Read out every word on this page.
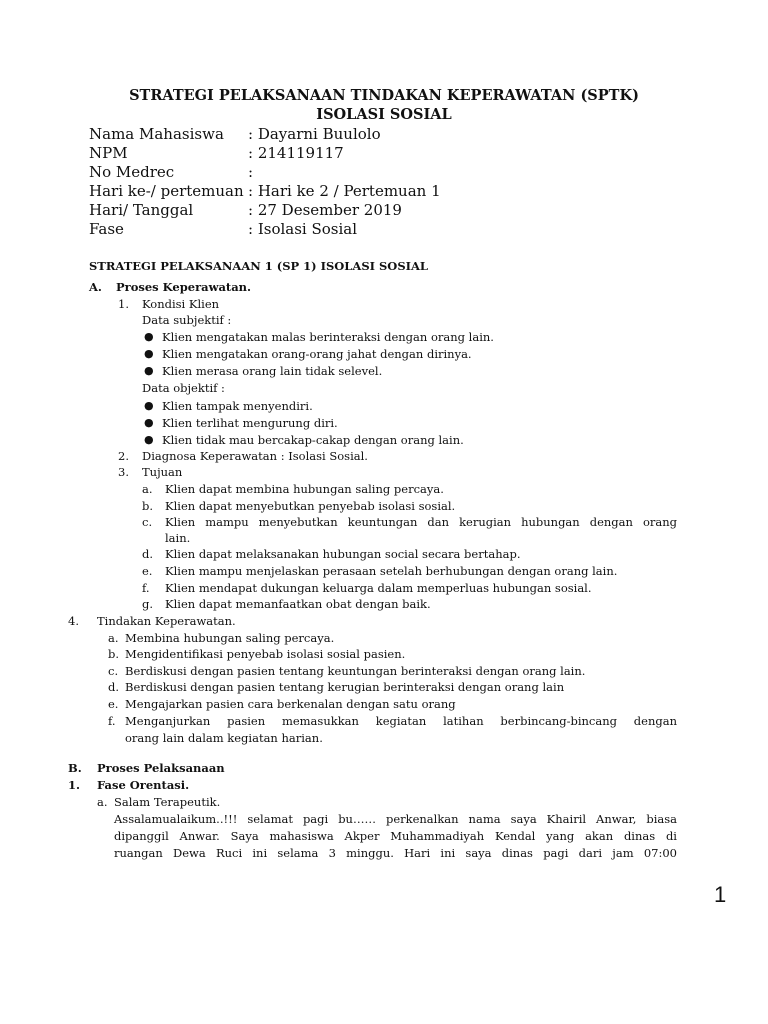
STRATEGI PELAKSANAAN TINDAKAN KEPERAWATAN (SPTK)
ISOLASI SOSIAL
Nama Mahasiswa : Dayarni Buulolo
NPM	: 214119117
No Medrec	:
Hari ke-/ pertemuan : Hari ke 2 / Pertemuan 1
Hari/ Tanggal	: 27 Desember 2019
Fase	: Isolasi Sosial
STRATEGI PELAKSANAAN 1 (SP 1) ISOLASI SOSIAL
A. Proses Keperawatan.
1. Kondisi Klien
Data subjektif :
● Klien mengatakan malas berinteraksi dengan orang lain.
● Klien mengatakan orang-orang jahat dengan dirinya.
● Klien merasa orang lain tidak selevel.
Data objektif :
● Klien tampak menyendiri.
● Klien terlihat mengurung diri.
● Klien tidak mau bercakap-cakap dengan orang lain.
2. Diagnosa Keperawatan : Isolasi Sosial.
3. Tujuan
a. Klien dapat membina hubungan saling percaya.
b. Klien dapat menyebutkan penyebab isolasi sosial.
c. Klien mampu menyebutkan keuntungan dan kerugian hubungan dengan orang
lain.
d. Klien dapat melaksanakan hubungan social secara bertahap.
e. Klien mampu menjelaskan perasaan setelah berhubungan dengan orang lain.
f. Klien mendapat dukungan keluarga dalam memperluas hubungan sosial.
g. Klien dapat memanfaatkan obat dengan baik.
4. Tindakan Keperawatan.
a. Membina hubungan saling percaya.
b. Mengidentifikasi penyebab isolasi sosial pasien.
c. Berdiskusi dengan pasien tentang keuntungan berinteraksi dengan orang lain.
d. Berdiskusi dengan pasien tentang kerugian berinteraksi dengan orang lain
e. Mengajarkan pasien cara berkenalan dengan satu orang
f. Menganjurkan pasien memasukkan kegiatan latihan berbincang-bincang dengan
orang lain dalam kegiatan harian.
B. Proses Pelaksanaan
1. Fase Orentasi.
a. Salam Terapeutik.
Assalamualaikum..!!! selamat pagi bu…… perkenalkan nama saya Khairil Anwar, biasa
dipanggil Anwar. Saya mahasiswa Akper Muhammadiyah Kendal yang akan dinas di
ruangan Dewa Ruci ini selama 3 minggu. Hari ini saya dinas pagi dari jam 07:00
1
